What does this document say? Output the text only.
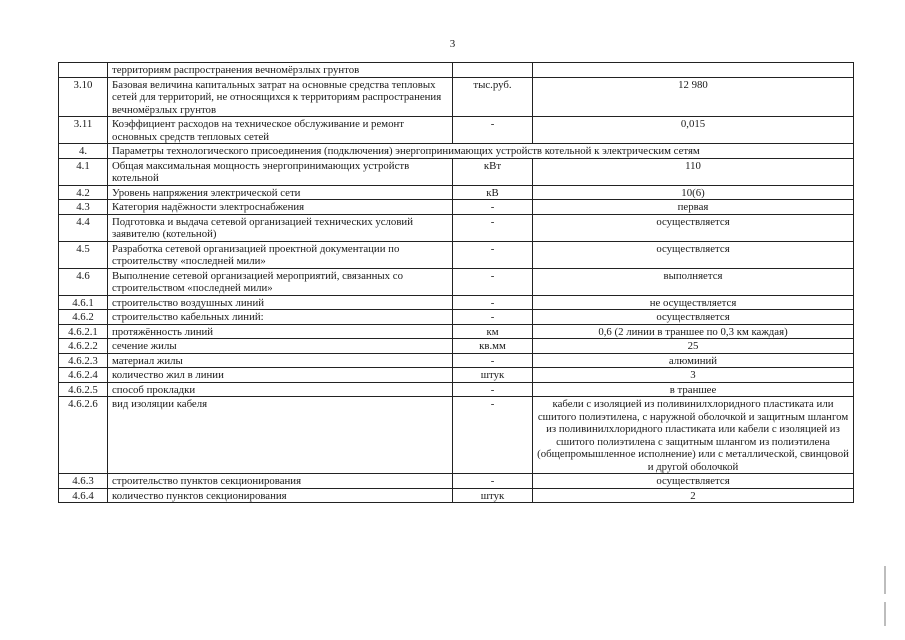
3
	территориям распространения вечномёрзлых грунтов		
3.10	Базовая величина капитальных затрат на основные средства тепловых сетей для территорий, не относящихся к территориям распространения вечномёрзлых грунтов	тыс.руб.	12 980
3.11	Коэффициент расходов на техническое обслуживание и ремонт основных средств тепловых сетей	-	0,015
4.	Параметры технологического присоединения (подключения) энергопринимающих устройств котельной к электрическим сетям		
4.1	Общая максимальная мощность энергопринимающих устройств котельной	кВт	110
4.2	Уровень напряжения электрической сети	кВ	10(6)
4.3	Категория надёжности электроснабжения	-	первая
4.4	Подготовка и выдача сетевой организацией технических условий заявителю (котельной)	-	осуществляется
4.5	Разработка сетевой организацией проектной документации по строительству «последней мили»	-	осуществляется
4.6	Выполнение сетевой организацией мероприятий, связанных со строительством «последней мили»	-	выполняется
4.6.1	строительство воздушных линий	-	не осуществляется
4.6.2	строительство кабельных линий:	-	осуществляется
4.6.2.1	протяжённость линий	км	0,6 (2 линии в траншее по 0,3 км каждая)
4.6.2.2	сечение жилы	кв.мм	25
4.6.2.3	материал жилы	-	алюминий
4.6.2.4	количество жил в линии	штук	3
4.6.2.5	способ прокладки	-	в траншее
4.6.2.6	вид изоляции кабеля	-	кабели с изоляцией из поливинилхлоридного пластиката или сшитого полиэтилена, с наружной оболочкой и защитным шлангом из поливинилхлоридного пластиката или кабели с изоляцией из сшитого полиэтилена с защитным шлангом из полиэтилена (общепромышленное исполнение) или с металлической, свинцовой и другой оболочкой
4.6.3	строительство пунктов секционирования	-	осуществляется
4.6.4	количество пунктов секционирования	штук	2
